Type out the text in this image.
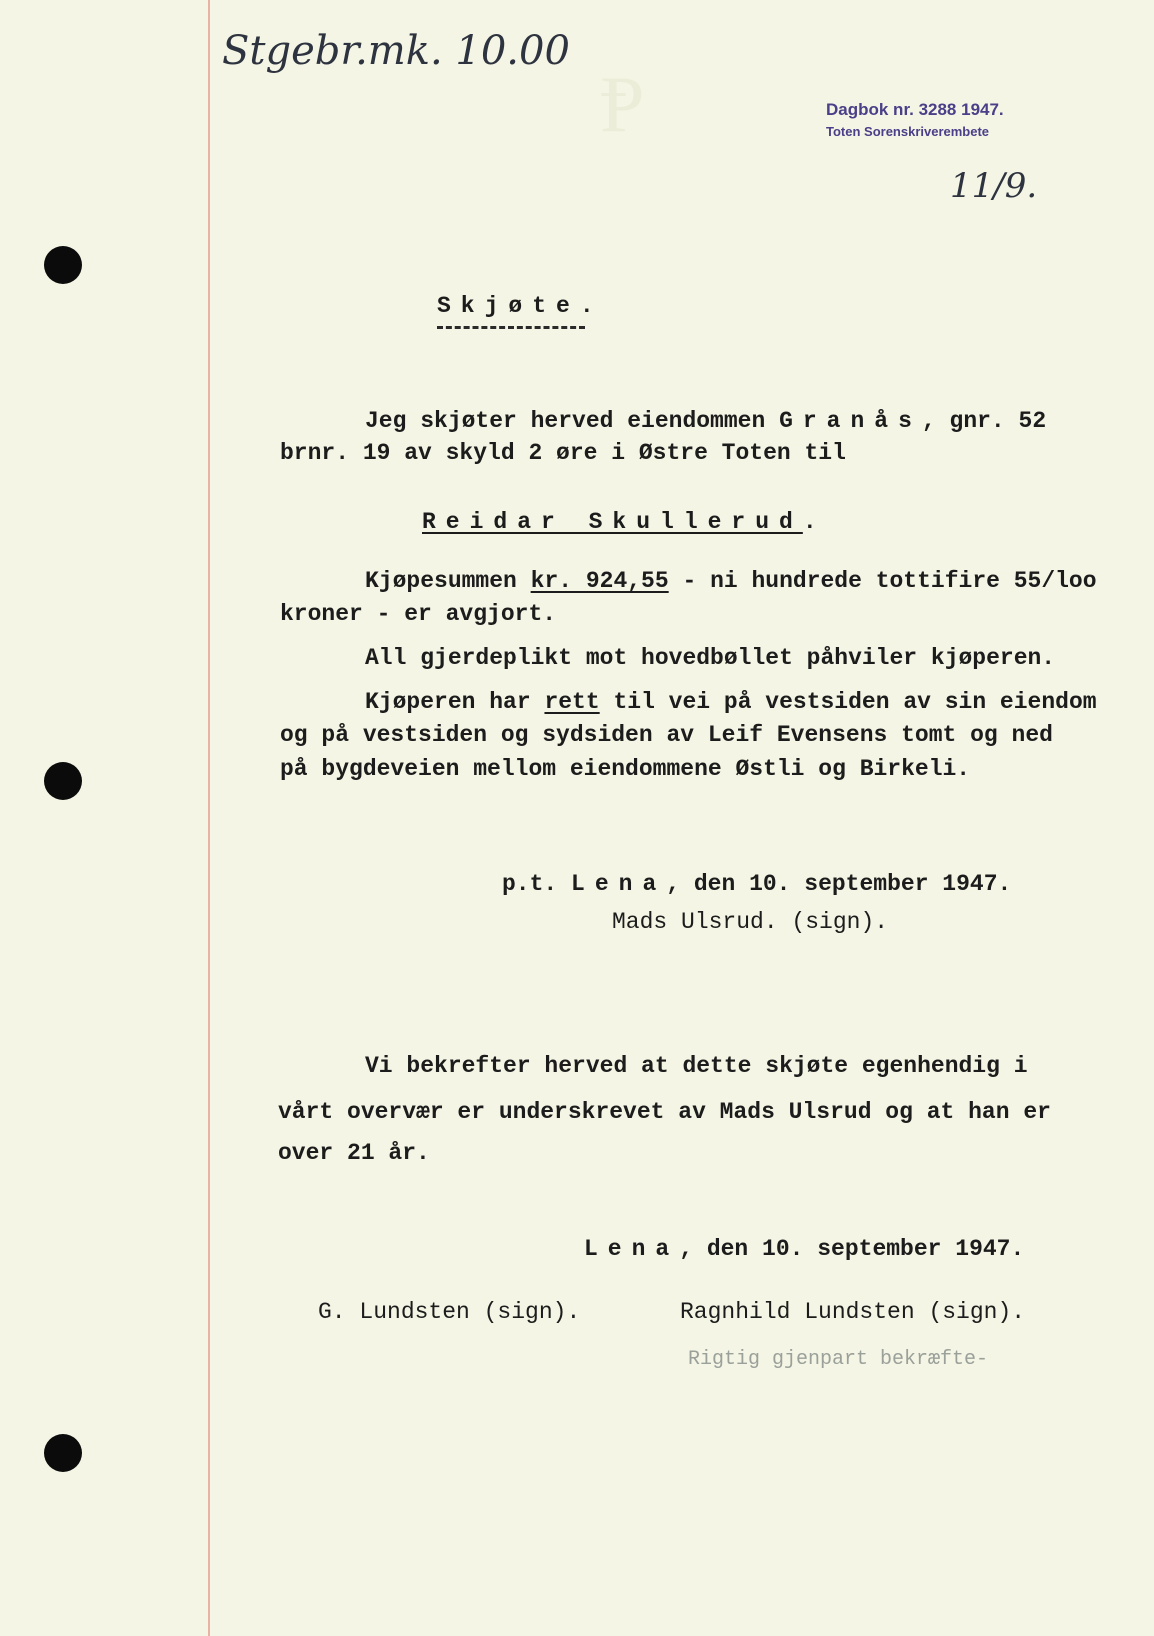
Ᵽ
Stgebr.mk. 10.00
Dagbok nr. 3288 1947.
Toten Sorenskriverembete
11/9.
Skjøte.
Jeg skjøter herved eiendommen Granås, gnr. 52
brnr. 19 av skyld 2 øre i Østre Toten til
Reidar Skullerud.
Kjøpesummen kr. 924,55 - ni hundrede tottifire 55/loo
kroner - er avgjort.
All gjerdeplikt mot hovedbøllet påhviler kjøperen.
Kjøperen har rett til vei på vestsiden av sin eiendom
og på vestsiden og sydsiden av Leif Evensens tomt og ned
på bygdeveien mellom eiendommene Østli og Birkeli.
p.t. Lena, den 10. september 1947.
Mads Ulsrud. (sign).
Vi bekrefter herved at dette skjøte egenhendig i
vårt overvær er underskrevet av Mads Ulsrud og at han er
over 21 år.
Lena, den 10. september 1947.
G. Lundsten (sign).	Ragnhild Lundsten (sign).
Rigtig gjenpart bekræfte-
